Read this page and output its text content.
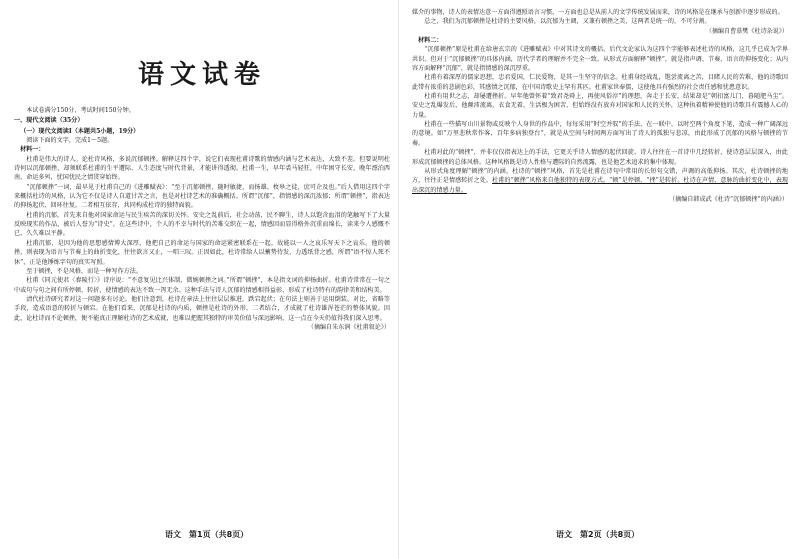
语文试卷

本试卷满分150分，考试时间150分钟。

一、现代文阅读（35分）
（一）现代文阅读Ⅰ（本题共5小题，19分）

阅读下面的文字，完成1～5题。

材料一：

杜甫是伟大的诗人。论杜诗风格，多说沉郁顿挫。解释这四个字，说它们表现杜甫诗歌的情感内涵与艺术表达，大致不差。但要说明杜诗何以沉郁顿挫，却须联系杜甫的生平遭际、人生态度与时代背景，才能讲得透彻。杜甫一生，早年裘马轻狂，中年困守长安，晚年漂泊西南，命运多舛，忧国忧民之情贯穿始终。

“沉郁顿挫”一词，最早见于杜甫自己的《进雕赋表》：“至于沉郁顿挫，随时敏捷，而扬雄、枚皋之徒，庶可企及也。”后人借用这四个字来概括杜诗的风格，认为它不仅是诗人自道甘苦之言，也是对杜诗艺术的准确概括。所谓“沉郁”，指情感的深沉浓郁；所谓“顿挫”，指表达的抑扬起伏、回环往复。二者相互依存，共同构成杜诗的独特面貌。

杜甫的沉郁，首先来自他对国家命运与民生疾苦的深切关怀。安史之乱前后，社会动荡，民不聊生，诗人以饱含血泪的笔触写下了大量反映现实的作品，被后人誉为“诗史”。在这些诗中，个人的不幸与时代的苦难交织在一起，情感因而显得格外沉重而绵长，读来令人感慨不已，久久难以平静。

杜甫沉郁，是因为他的思想感情博大深厚，他把自己的命运与国家的命运紧密联系在一起，故能以一人之哀乐写天下之哀乐。他的顿挫，则表现为语言与节奏上的曲折变化，往往欲言又止，一唱三叹。正因如此，杜诗常给人以蓄势待发、力透纸背之感，所谓“语不惊人死不休”，正是他锤炼字句的真实写照。

至于顿挫，不是风格，而是一种写作方法。

杜甫《同元使君〈舂陵行〉》诗序说：“不意复见比兴体制，微婉顿挫之词。”所谓“顿挫”，本是指文词的抑扬曲折。杜甫诗常常在一句之中或句与句之间有所停顿、转折，使情感的表达不致一泻无余。这种手法与诗人沉郁的情感相得益彰，形成了杜诗特有的韵律美和结构美。

清代杜诗研究者对这一问题多有讨论。他们注意到，杜诗在章法上往往层层推进，跌宕起伏；在句法上则善于运用倒装、对比、省略等手段，造成语意的转折与顿宕。在他们看来，沉郁是杜诗的内质，顿挫是杜诗的外形，二者结合，才成就了杜诗雄浑苍茫的整体风貌。因此，论杜诗而不论顿挫，便不能真正理解杜诗的艺术成就，也难以把握其独特的审美价值与深远影响，这一点在今天仍值得我们深入思考。

（摘编自朱东润《杜甫叙论》）

媒介的事物，诗人的表情达意一方面得遵照语言习惯，一方面也总是从前人的文学传统发展而来，诗的风格是在继承与创新中逐步形成的。

总之，我们为沉郁顿挫是杜诗的主要风格，以沉郁为主调，又兼有顿挫之美，这两者是统一的，不可分割。

（摘编自曹慕樊《杜诗杂说》）

材料二：

“沉郁顿挫”原是杜甫在给唐玄宗的《进雕赋表》中对其诗文的概括，后代文论家认为这四个字能够表述杜诗的风格，这几乎已成为学界共识。但对于“沉郁顿挫”的具体内涵，历代学者的理解并不完全一致。从形式方面解释“顿挫”，就是指声调、节奏、语言的抑扬变化；从内容方面解释“沉郁”，就是指情感的深沉厚重。

杜甫有着深厚的儒家思想，忠君爱国，仁民爱物，是其一生坚守的信念。杜甫身经战乱，饱尝流离之苦，目睹人民的苦难，他的诗歌因此带有浓重的悲剧色彩，其感情之沉郁，在中国诗歌史上罕有其匹。杜甫家世奉儒，这使他具有强烈的社会责任感和忧患意识。

杜甫有用世之志，却屡遭挫折。早年他曾怀着“致君尧舜上，再使风俗淳”的理想，奔走于长安，结果却是“朝扣富儿门，暮随肥马尘”。安史之乱爆发后，他颠沛流离，衣食无着，生活极为困苦，但始终没有放弃对国家和人民的关怀，这种执着精神使他的诗歌具有震撼人心的力量。

杜甫在一些描写山川景物或反映个人身世的作品中，每每采用“时空并驭”的手法，在一联中，以时空两个角度下笔，造成一种广阔深远的意境。如“万里悲秋常作客，百年多病独登台”，就是从空间与时间两方面写出了诗人的孤独与悲凉，由此形成了沉郁的风格与顿挫的节奏。

杜甫对此的“顿挫”，并非仅仅指表达上的手法，它更关乎诗人情感的起伏回旋。诗人往往在一首诗中几经转折，使诗意层层深入，由此形成沉郁顿挫的总体风格。这种风格既是诗人性格与遭际的自然流露，也是他艺术追求的集中体现。

从形式角度理解“顿挫”的内涵，杜诗的“顿挫”风格，首先是杜甫在诗句中常用的长短句交错，声调的高低抑扬。其次，杜诗顿挫的地方，往往正是情感转折之处。杜甫的“顿挫”风格来自他独特的表现方式。“顿”是停顿，“挫”是转折。杜诗在声情、意脉的曲折变化中，表现出深沉的情感力量。

（摘编自韩成武《杜诗“沉郁顿挫”的内涵》）

语文　第1页（共8页）	语文　第2页（共8页）
